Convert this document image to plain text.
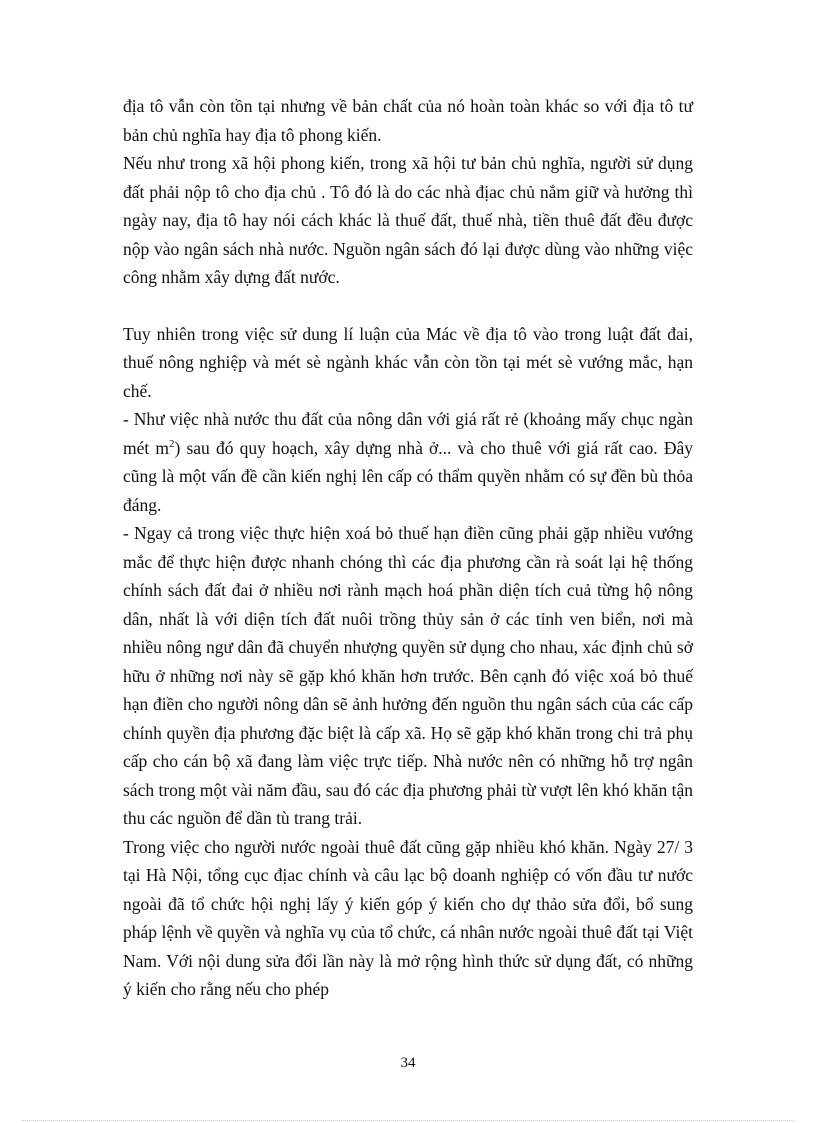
địa tô vẫn còn tồn tại nhưng về bản chất của nó hoàn toàn khác so với địa tô tư bản chủ nghĩa hay địa tô phong kiến.

Nếu như trong xã hội phong kiến, trong xã hội tư bản chủ nghĩa, người sử dụng đất phải nộp tô cho địa chủ . Tô đó là do các nhà địac chủ nắm giữ và hưởng thì ngày nay, địa tô hay nói cách khác là thuế đất, thuế nhà, tiền thuê đất đều được nộp vào ngân sách nhà nước. Nguồn ngân sách đó lại được dùng vào những việc công nhằm xây dựng đất nước.

Tuy nhiên trong việc sử dung lí luận của Mác về địa tô vào trong luật đất đai, thuế nông nghiệp và mét sè ngành khác vẫn còn tồn tại mét sè vướng mắc, hạn chế.

- Như việc nhà nước thu đất của nông dân với giá rất rẻ (khoảng mấy chục ngàn mét $m^2$) sau đó quy hoạch, xây dựng nhà ở... và cho thuê với giá rất cao. Đây cũng là một vấn đề cần kiến nghị lên cấp có thẩm quyền nhằm có sự đền bù thỏa đáng.

- Ngay cả trong việc thực hiện xoá bỏ thuế hạn điền cũng phải gặp nhiều vướng mắc để thực hiện được nhanh chóng thì các địa phương cần rà soát lại hệ thống chính sách đất đai ở nhiều nơi rành mạch hoá phần diện tích cuả từng hộ nông dân, nhất là với diện tích đất nuôi trồng thủy sản ở các tỉnh ven biển, nơi mà nhiều nông ngư dân đã chuyển nhượng quyền sử dụng cho nhau, xác định chủ sở hữu ở những nơi này sẽ gặp khó khăn hơn trước. Bên cạnh đó việc xoá bỏ thuế hạn điền cho người nông dân sẽ ảnh hưởng đến nguồn thu ngân sách của các cấp chính quyền địa phương đặc biệt là cấp xã. Họ sẽ gặp khó khăn trong chi trả phụ cấp cho cán bộ xã đang làm việc trực tiếp. Nhà nước nên có những hỗ trợ ngân sách trong một vài năm đầu, sau đó các địa phương phải từ vượt lên khó khăn tận thu các nguồn để dần tù trang trải.

Trong việc cho người nước ngoài thuê đất cũng gặp nhiều khó khăn. Ngày 27/ 3 tại Hà Nội, tổng cục địac chính và câu lạc bộ doanh nghiệp có vốn đầu tư nước ngoài đã tổ chức hội nghị lấy ý kiến góp ý kiến cho dự thảo sửa đổi, bổ sung pháp lệnh về quyền và nghĩa vụ của tổ chức, cá nhân nước ngoài thuê đất tại Việt Nam. Với nội dung sửa đổi lần này là mở rộng hình thức sử dụng đất, có những ý kiến cho rằng nếu cho phép

34
